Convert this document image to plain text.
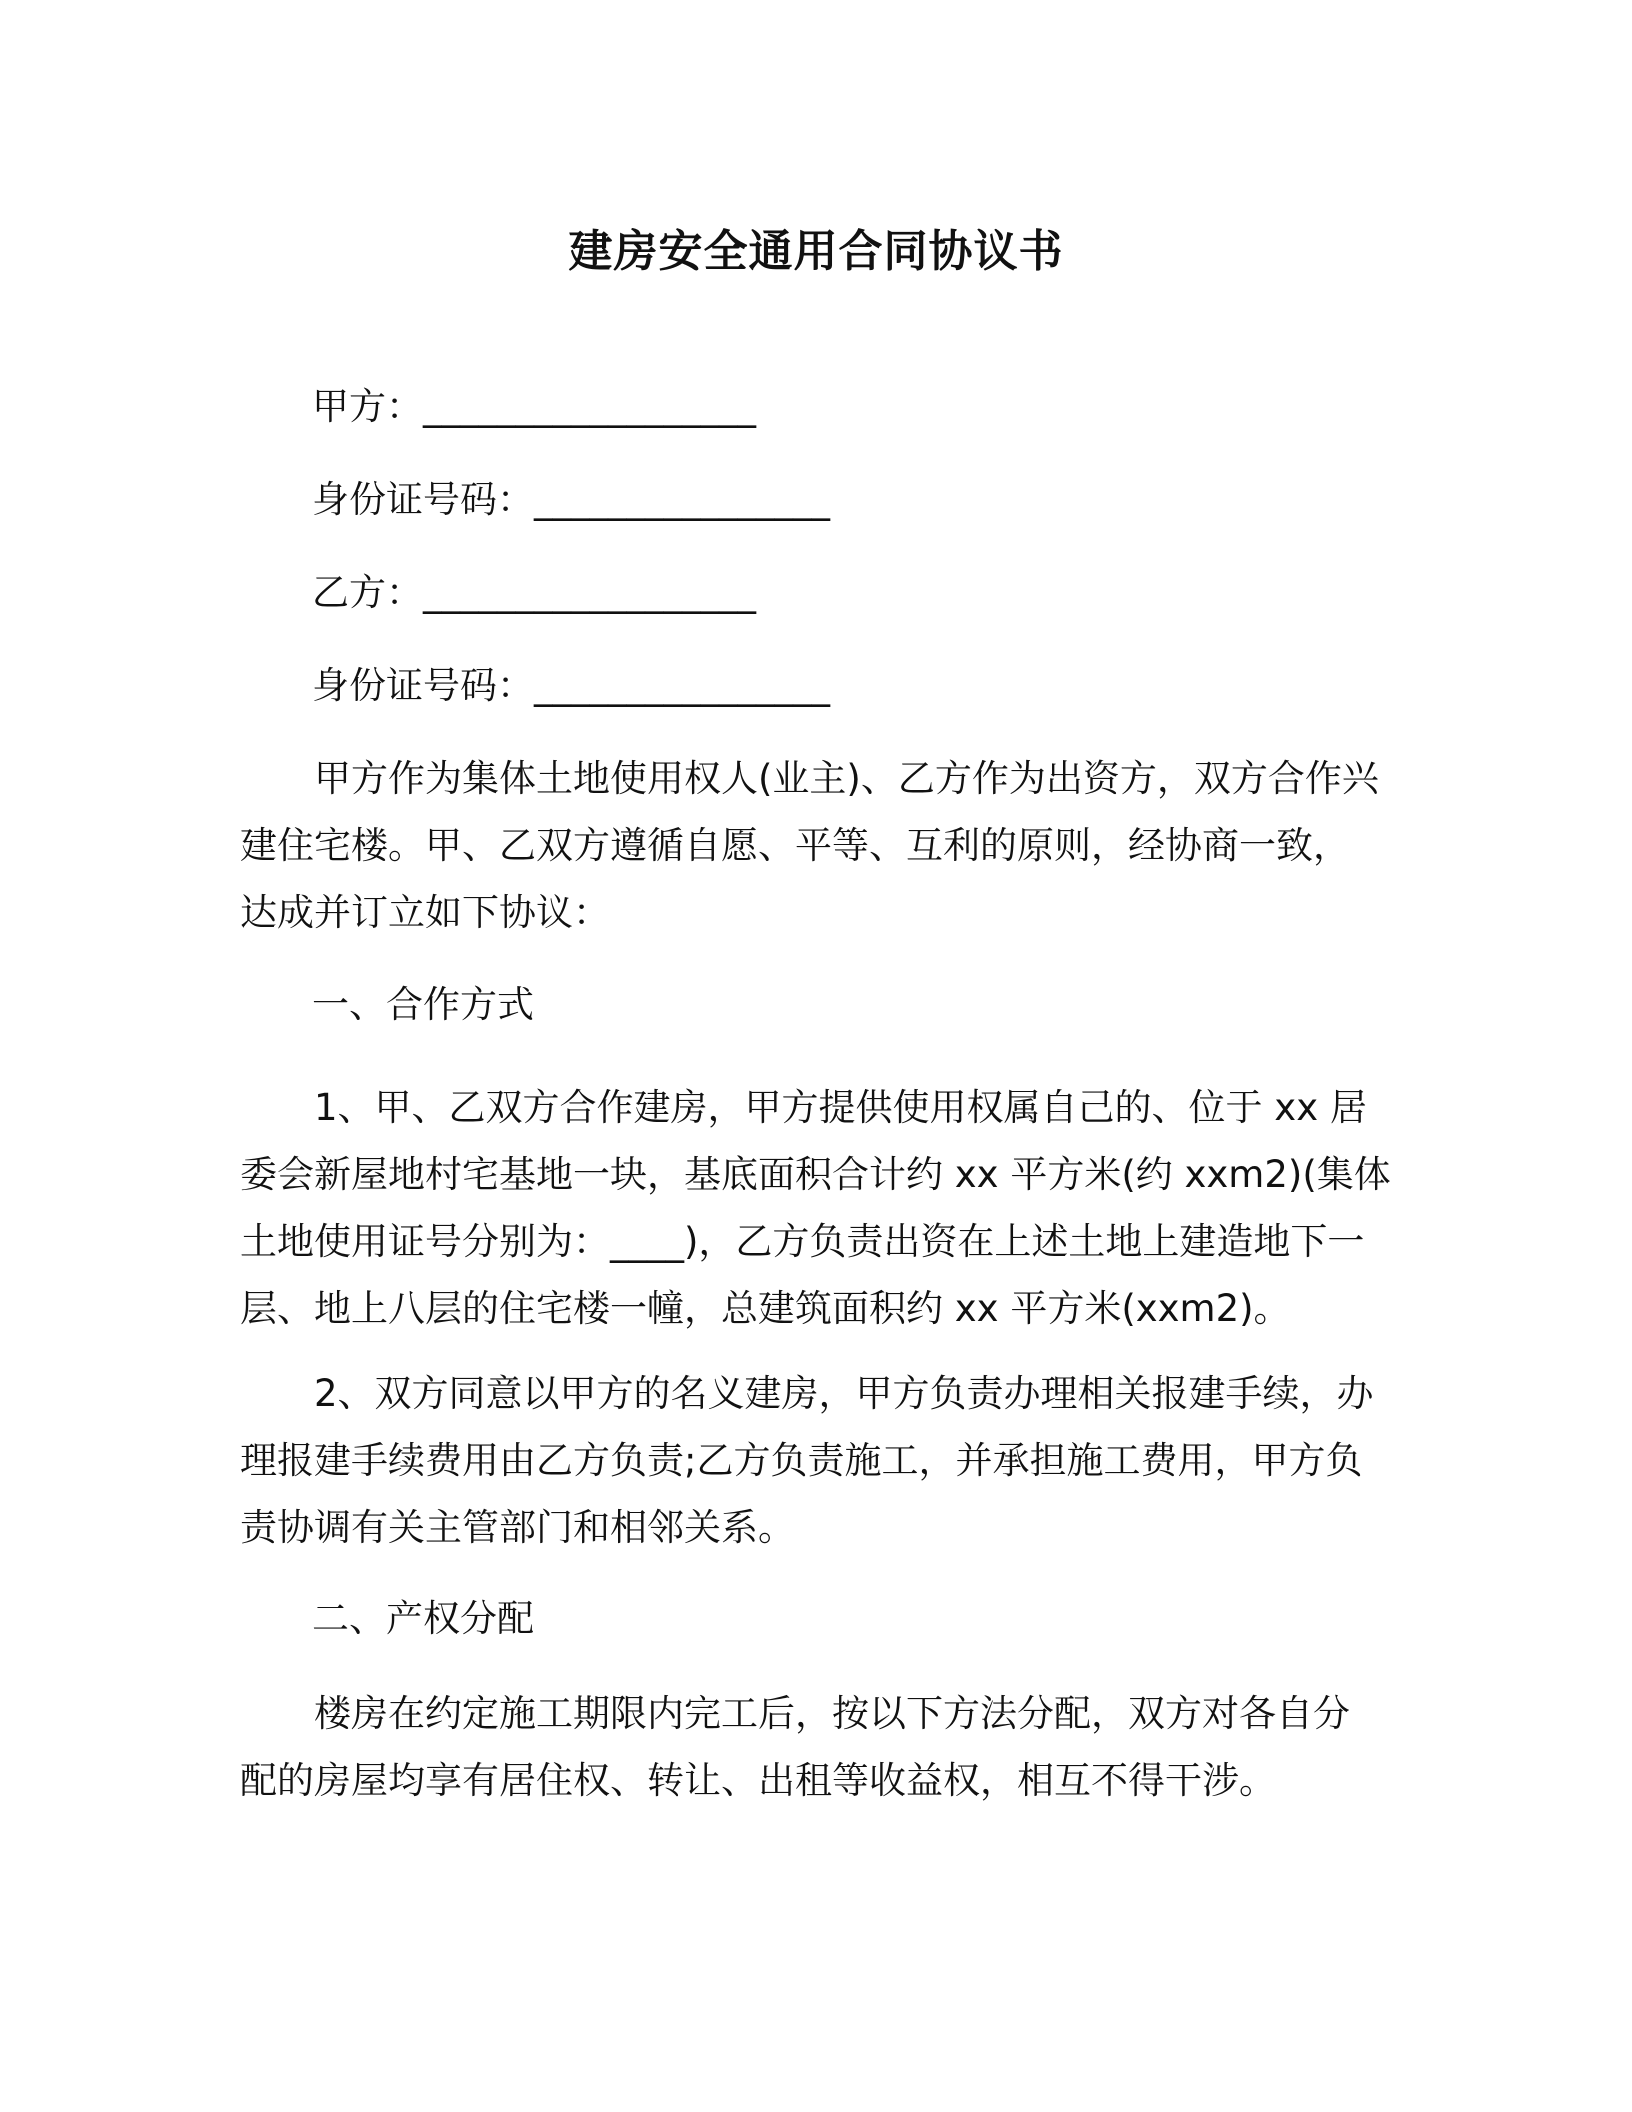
建房安全通用合同协议书
甲方：__________________
身份证号码：________________
乙方：__________________
身份证号码：________________
　　甲方作为集体土地使用权人(业主)、乙方作为出资方，双方合作兴
建住宅楼。甲、乙双方遵循自愿、平等、互利的原则，经协商一致，
达成并订立如下协议：
一、合作方式
　　1、甲、乙双方合作建房，甲方提供使用权属自己的、位于 xx 居
委会新屋地村宅基地一块，基底面积合计约 xx 平方米(约 xxm2)(集体
土地使用证号分别为：____)，乙方负责出资在上述土地上建造地下一
层、地上八层的住宅楼一幢，总建筑面积约 xx 平方米(xxm2)。
　　2、双方同意以甲方的名义建房，甲方负责办理相关报建手续，办
理报建手续费用由乙方负责;乙方负责施工，并承担施工费用，甲方负
责协调有关主管部门和相邻关系。
二、产权分配
　　楼房在约定施工期限内完工后，按以下方法分配，双方对各自分
配的房屋均享有居住权、转让、出租等收益权，相互不得干涉。
